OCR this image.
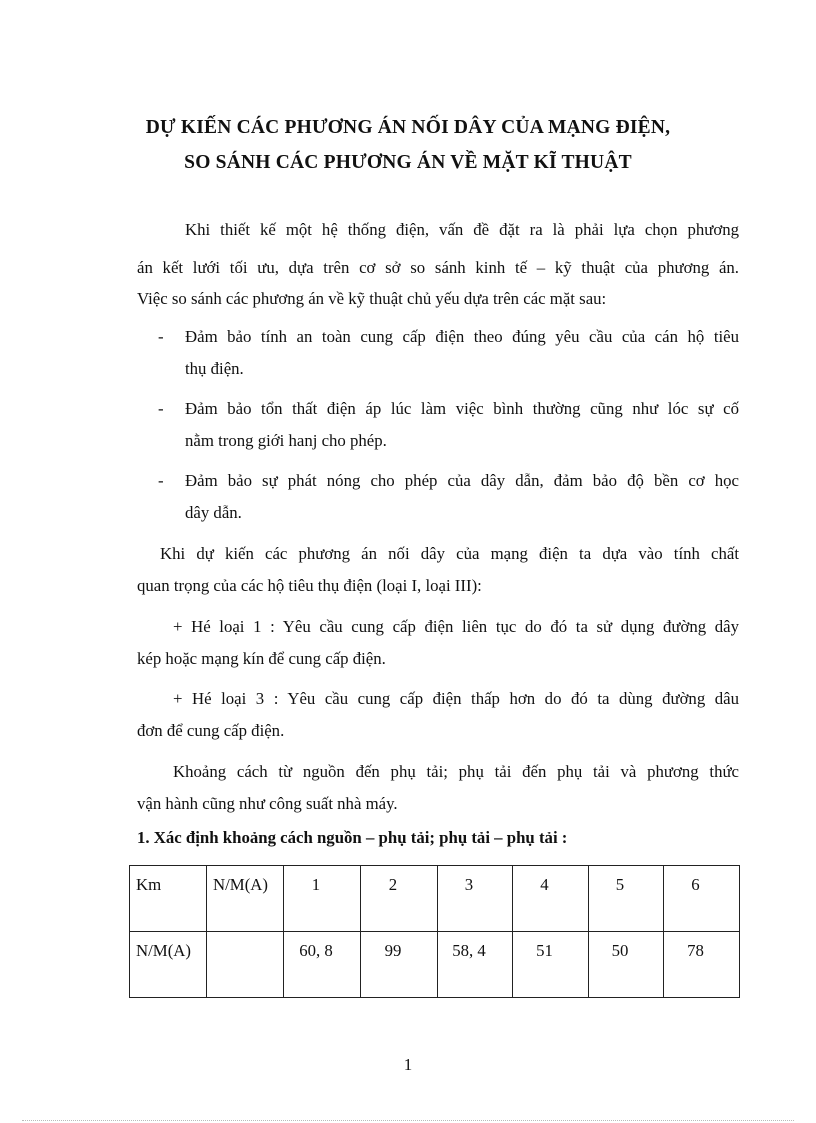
DỰ KIẾN CÁC PHƯƠNG ÁN NỐI DÂY CỦA MẠNG ĐIỆN,
SO SÁNH CÁC PHƯƠNG ÁN VỀ MẶT KĨ THUẬT
Khi thiết kế một hệ thống điện, vấn đề đặt ra là phải lựa chọn phương
án kết lưới tối ưu, dựa trên cơ sở so sánh kinh tế – kỹ thuật của phương án.
Việc so sánh các phương án về kỹ thuật chủ yếu dựa trên các mặt sau:
- Đảm bảo tính an toàn cung cấp điện theo đúng yêu cầu của cán hộ tiêu
thụ điện.
- Đảm bảo tổn thất điện áp lúc làm việc bình thường cũng như lóc sự cố
nằm trong giới hanj cho phép.
- Đảm bảo sự phát nóng cho phép của dây dẫn, đảm bảo độ bền cơ học
dây dẫn.
Khi dự kiến các phương án nối dây của mạng điện ta dựa vào tính chất
quan trọng của các hộ tiêu thụ điện (loại I, loại III):
+ Hé loại 1 : Yêu cầu cung cấp điện liên tục do đó ta sử dụng đường dây
kép hoặc mạng kín để cung cấp điện.
+ Hé loại 3 : Yêu cầu cung cấp điện thấp hơn do đó ta dùng đường dâu
đơn để cung cấp điện.
Khoảng cách từ nguồn đến phụ tải; phụ tải đến phụ tải và phương thức
vận hành cũng như công suất nhà máy.
1. Xác định khoảng cách nguồn – phụ tải; phụ tải – phụ tải :
Km	N/M(A)	1	2	3	4	5	6
N/M(A)		60, 8	99	58, 4	51	50	78
1
